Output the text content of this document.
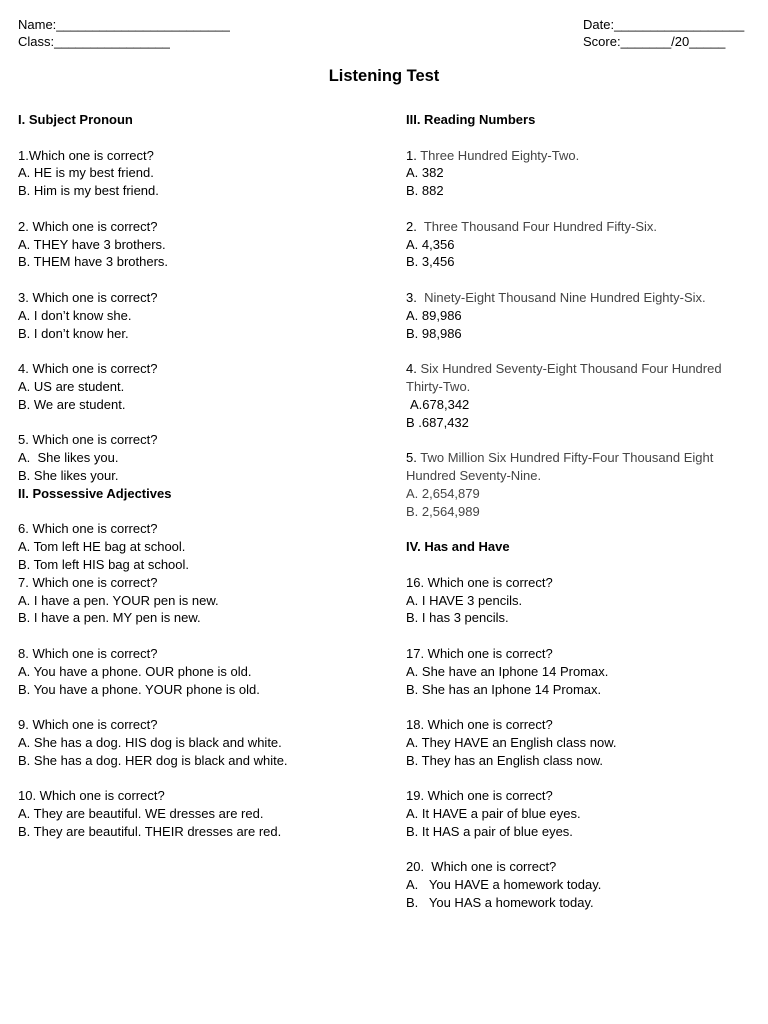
Name:________________________
Class:________________
Date:__________________
Score:_______/20_____
Listening Test
I. Subject Pronoun
1.Which one is correct?
A. HE is my best friend.
B. Him is my best friend.
2. Which one is correct?
A. THEY have 3 brothers.
B. THEM have 3 brothers.
3. Which one is correct?
A. I don’t know she.
B. I don’t know her.
4. Which one is correct?
A. US are student.
B. We are student.
5. Which one is correct?
A.  She likes you.
B. She likes your.
II. Possessive Adjectives
6. Which one is correct?
A. Tom left HE bag at school.
B. Tom left HIS bag at school.
7. Which one is correct?
A. I have a pen. YOUR pen is new.
B. I have a pen. MY pen is new.
8. Which one is correct?
A. You have a phone. OUR phone is old.
B. You have a phone. YOUR phone is old.
9. Which one is correct?
A. She has a dog. HIS dog is black and white.
B. She has a dog. HER dog is black and white.
10. Which one is correct?
A. They are beautiful. WE dresses are red.
B. They are beautiful. THEIR dresses are red.
III. Reading Numbers
1. Three Hundred Eighty-Two.
A. 382
B. 882
2. Three Thousand Four Hundred Fifty-Six.
A. 4,356
B. 3,456
3. Ninety-Eight Thousand Nine Hundred Eighty-Six.
A. 89,986
B. 98,986
4. Six Hundred Seventy-Eight Thousand Four Hundred Thirty-Two.
A.678,342
B .687,432
5. Two Million Six Hundred Fifty-Four Thousand Eight Hundred Seventy-Nine.
A. 2,654,879
B. 2,564,989
IV. Has and Have
16. Which one is correct?
A. I HAVE 3 pencils.
B. I has 3 pencils.
17. Which one is correct?
A. She have an Iphone 14 Promax.
B. She has an Iphone 14 Promax.
18. Which one is correct?
A. They HAVE an English class now.
B. They has an English class now.
19. Which one is correct?
A. It HAVE a pair of blue eyes.
B. It HAS a pair of blue eyes.
20.  Which one is correct?
A.   You HAVE a homework today.
B.   You HAS a homework today.
